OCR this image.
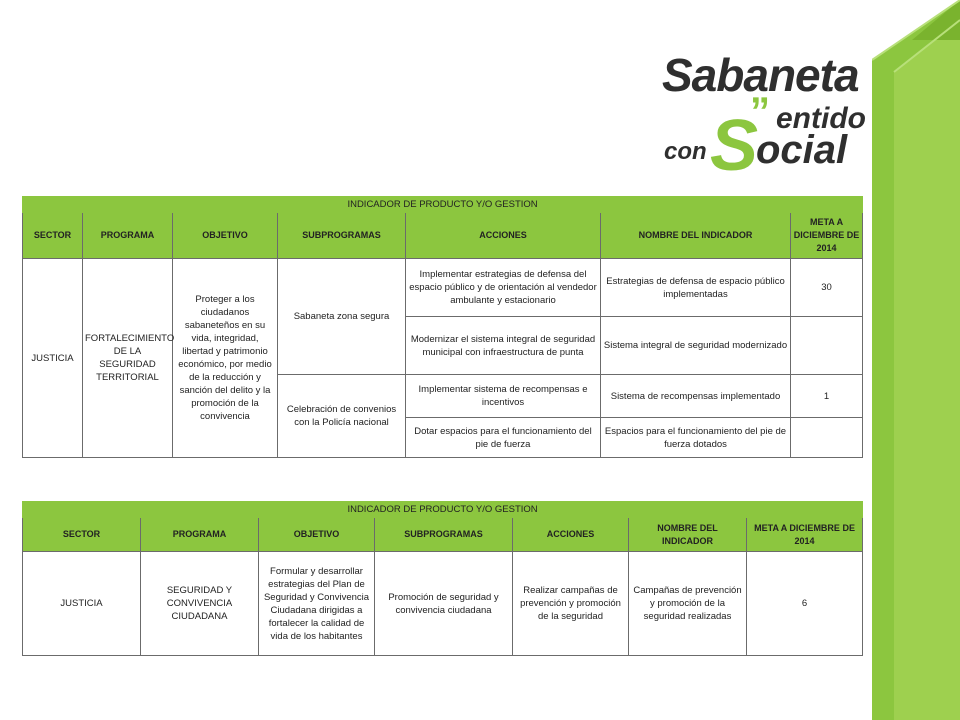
Sabaneta
” entido
con S
ocial
INDICADOR DE PRODUCTO Y/O GESTION						
SECTOR	PROGRAMA	OBJETIVO	SUBPROGRAMAS	ACCIONES	NOMBRE DEL INDICADOR	META A DICIEMBRE DE 2014
JUSTICIA	FORTALECIMIENTO DE LA SEGURIDAD TERRITORIAL	Proteger a los ciudadanos sabaneteños en su vida, integridad, libertad y patrimonio económico, por medio de la reducción y sanción del delito y la promoción de la convivencia	Sabaneta zona segura	Implementar estrategias de defensa del espacio público y de orientación al vendedor ambulante y estacionario	Estrategias de defensa de espacio público implementadas	30
				Modernizar el sistema integral de seguridad municipal con infraestructura de punta	Sistema integral de seguridad modernizado	
			Celebración de convenios con la Policía nacional	Implementar sistema de recompensas e incentivos	Sistema de recompensas implementado	1
				Dotar espacios para el funcionamiento del pie de fuerza	Espacios para el funcionamiento del pie de fuerza dotados	
INDICADOR DE PRODUCTO Y/O GESTION						
SECTOR	PROGRAMA	OBJETIVO	SUBPROGRAMAS	ACCIONES	NOMBRE DEL INDICADOR	META A DICIEMBRE DE 2014
JUSTICIA	SEGURIDAD Y CONVIVENCIA CIUDADANA	Formular y desarrollar estrategias del Plan de Seguridad y Convivencia Ciudadana dirigidas a fortalecer la calidad de vida de los habitantes	Promoción de seguridad y convivencia ciudadana	Realizar campañas de prevención y promoción de la seguridad	Campañas de prevención y promoción de la seguridad realizadas	6
